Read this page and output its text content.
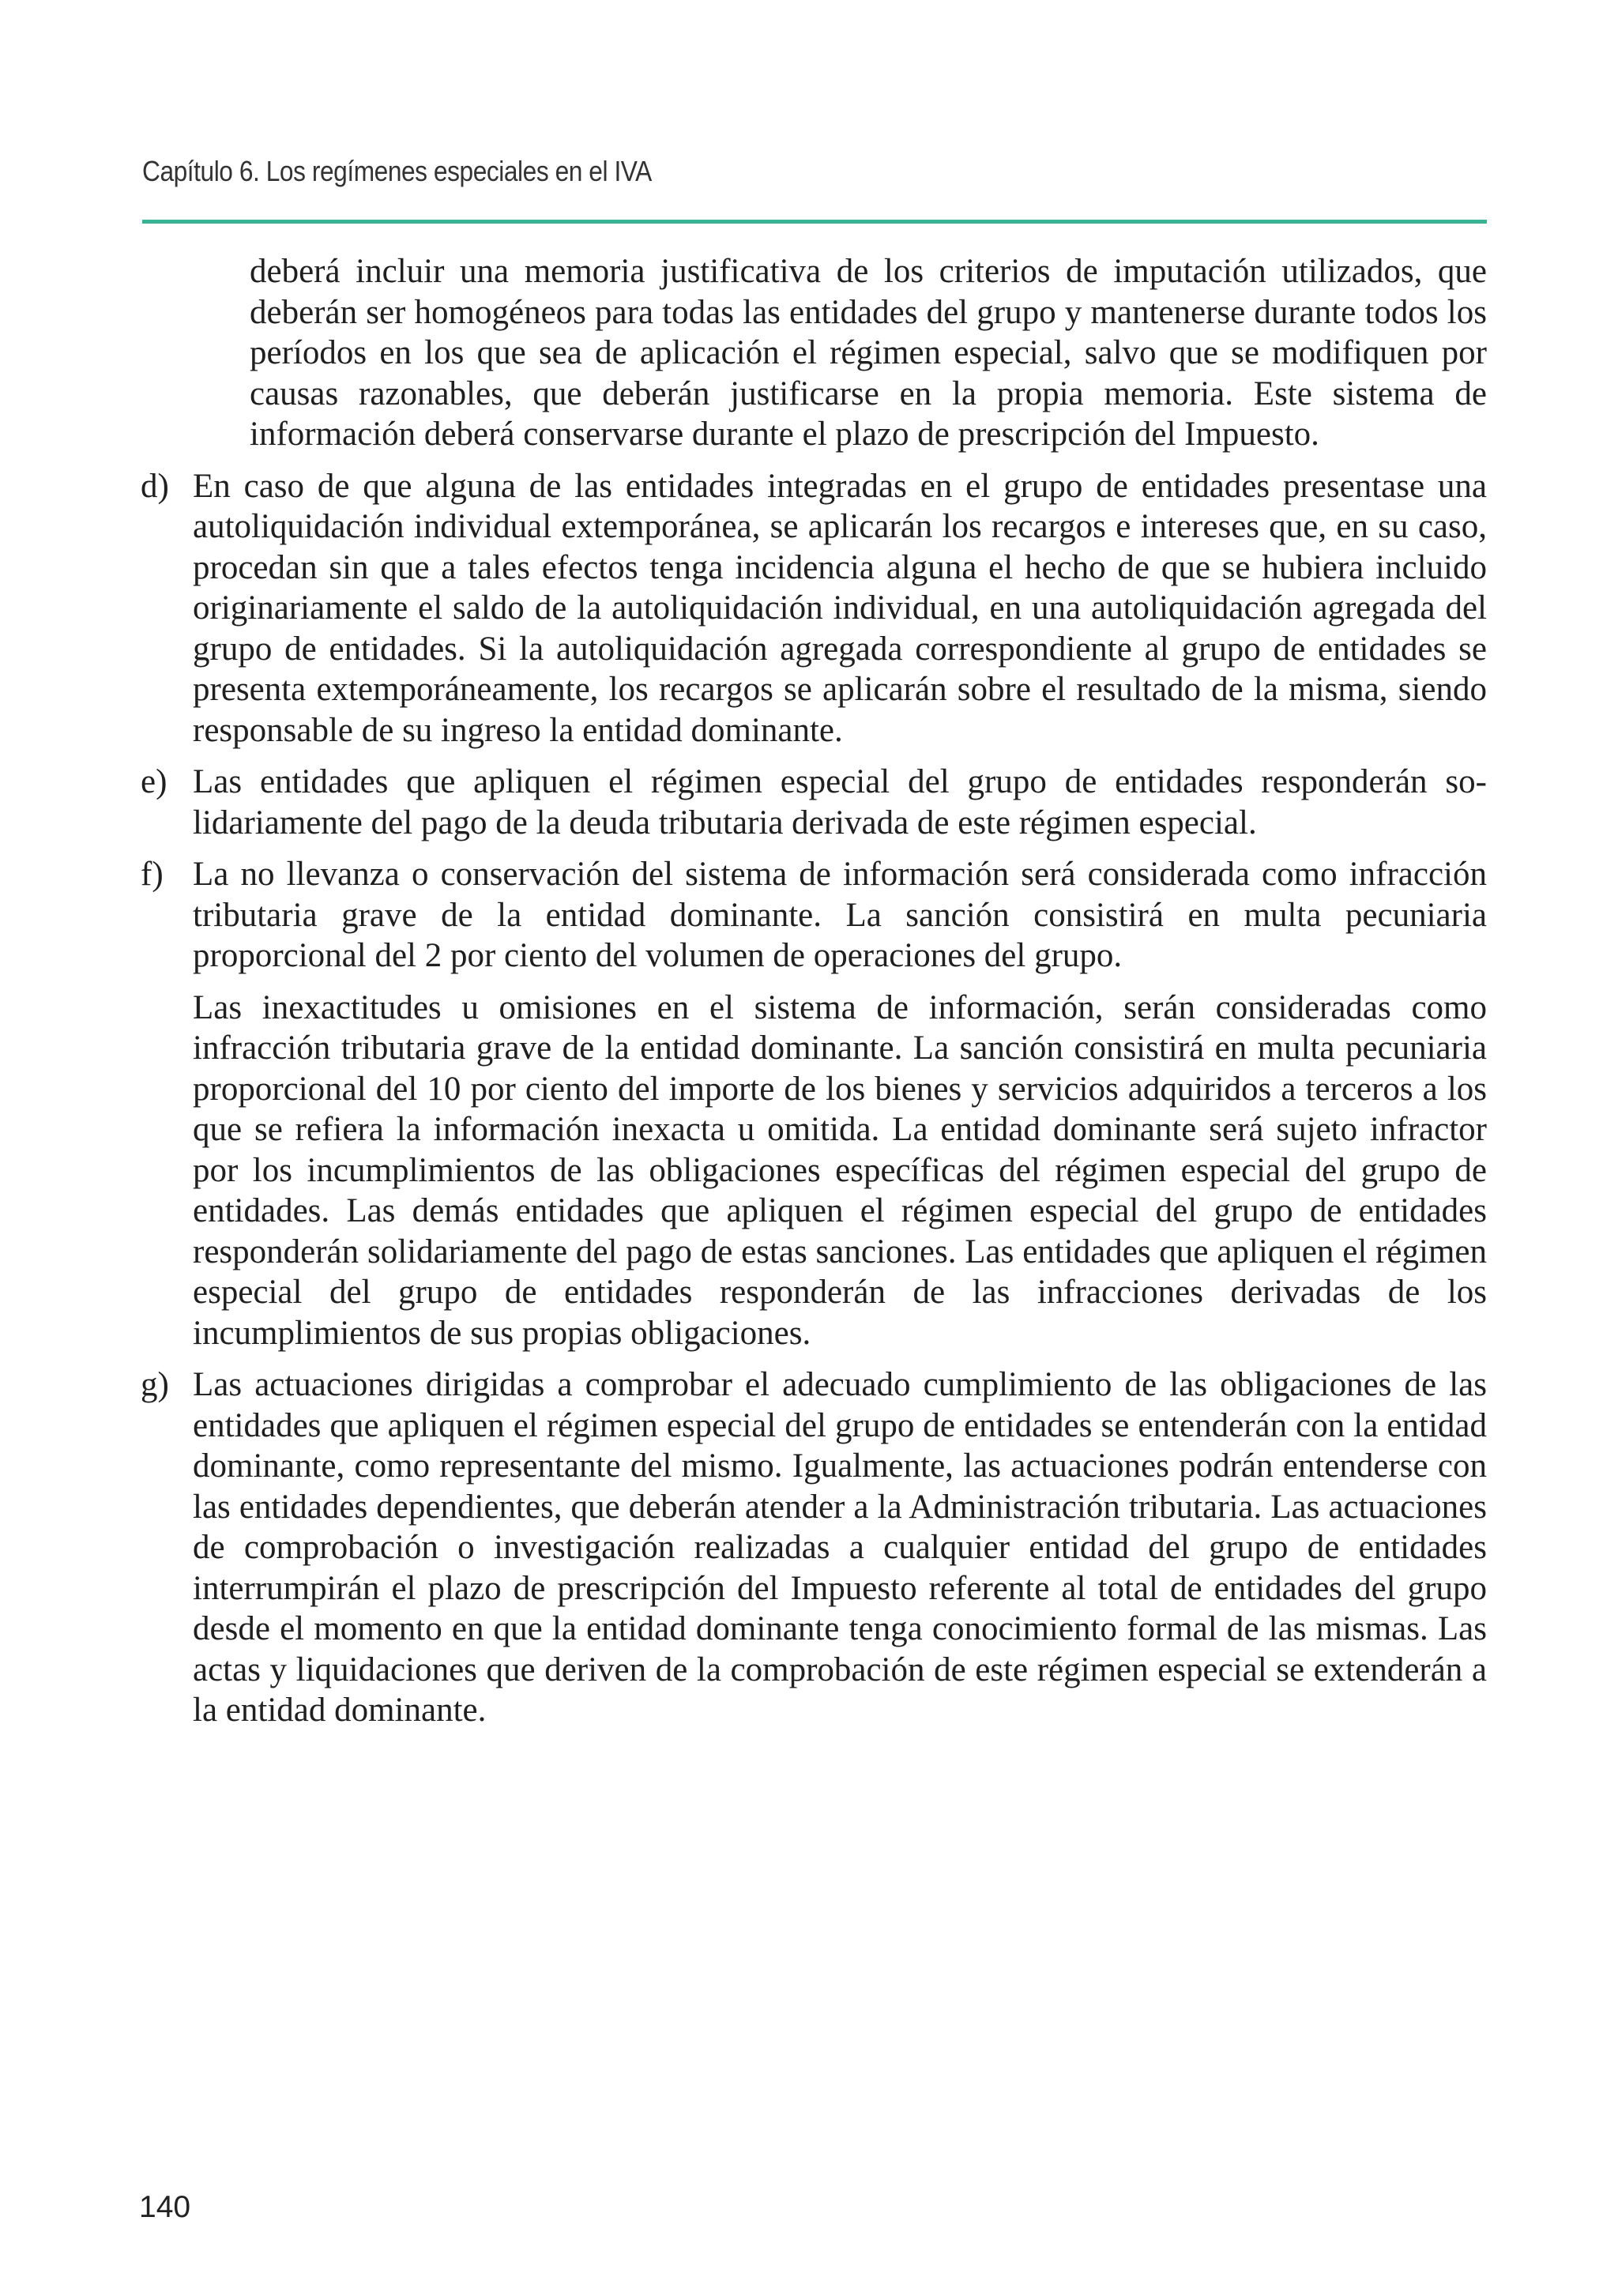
Capítulo 6. Los regímenes especiales en el IVA

deberá incluir una memoria justificativa de los criterios de imputación utilizados, que deberán ser homogéneos para todas las entidades del grupo y mantenerse durante todos los períodos en los que sea de aplicación el régimen especial, salvo que se modifiquen por causas razonables, que deberán justificarse en la propia memoria. Este sistema de información deberá conservarse durante el plazo de prescripción del Impuesto.

d) En caso de que alguna de las entidades integradas en el grupo de entidades presentase una autoliquidación individual extemporánea, se aplicarán los recargos e intereses que, en su caso, procedan sin que a tales efectos tenga incidencia alguna el hecho de que se hubiera incluido originariamente el saldo de la autoliquidación individual, en una autoliquidación agregada del grupo de entidades. Si la autoliquidación agregada correspondiente al grupo de entidades se presenta extemporáneamente, los recargos se aplicarán sobre el resultado de la misma, siendo responsable de su ingreso la entidad dominante.
e) Las entidades que apliquen el régimen especial del grupo de entidades responderán solidariamente del pago de la deuda tributaria derivada de este régimen especial.
f) La no llevanza o conservación del sistema de información será considerada como infracción tributaria grave de la entidad dominante. La sanción consistirá en multa pecuniaria proporcional del 2 por ciento del volumen de operaciones del grupo.

Las inexactitudes u omisiones en el sistema de información, serán consideradas como infracción tributaria grave de la entidad dominante. La sanción consistirá en multa pecuniaria proporcional del 10 por ciento del importe de los bienes y servicios adquiridos a terceros a los que se refiera la información inexacta u omitida. La entidad dominante será sujeto infractor por los incumplimientos de las obligaciones específicas del régimen especial del grupo de entidades. Las demás entidades que apliquen el régimen especial del grupo de entidades responderán solidariamente del pago de estas sanciones. Las entidades que apliquen el régimen especial del grupo de entidades responderán de las infracciones derivadas de los incumplimientos de sus propias obligaciones.

g) Las actuaciones dirigidas a comprobar el adecuado cumplimiento de las obligaciones de las entidades que apliquen el régimen especial del grupo de entidades se entenderán con la entidad dominante, como representante del mismo. Igualmente, las actuaciones podrán entenderse con las entidades dependientes, que deberán atender a la Administración tributaria. Las actuaciones de comprobación o investigación realizadas a cualquier entidad del grupo de entidades interrumpirán el plazo de prescripción del Impuesto referente al total de entidades del grupo desde el momento en que la entidad dominante tenga conocimiento formal de las mismas. Las actas y liquidaciones que deriven de la comprobación de este régimen especial se extenderán a la entidad dominante.
140
